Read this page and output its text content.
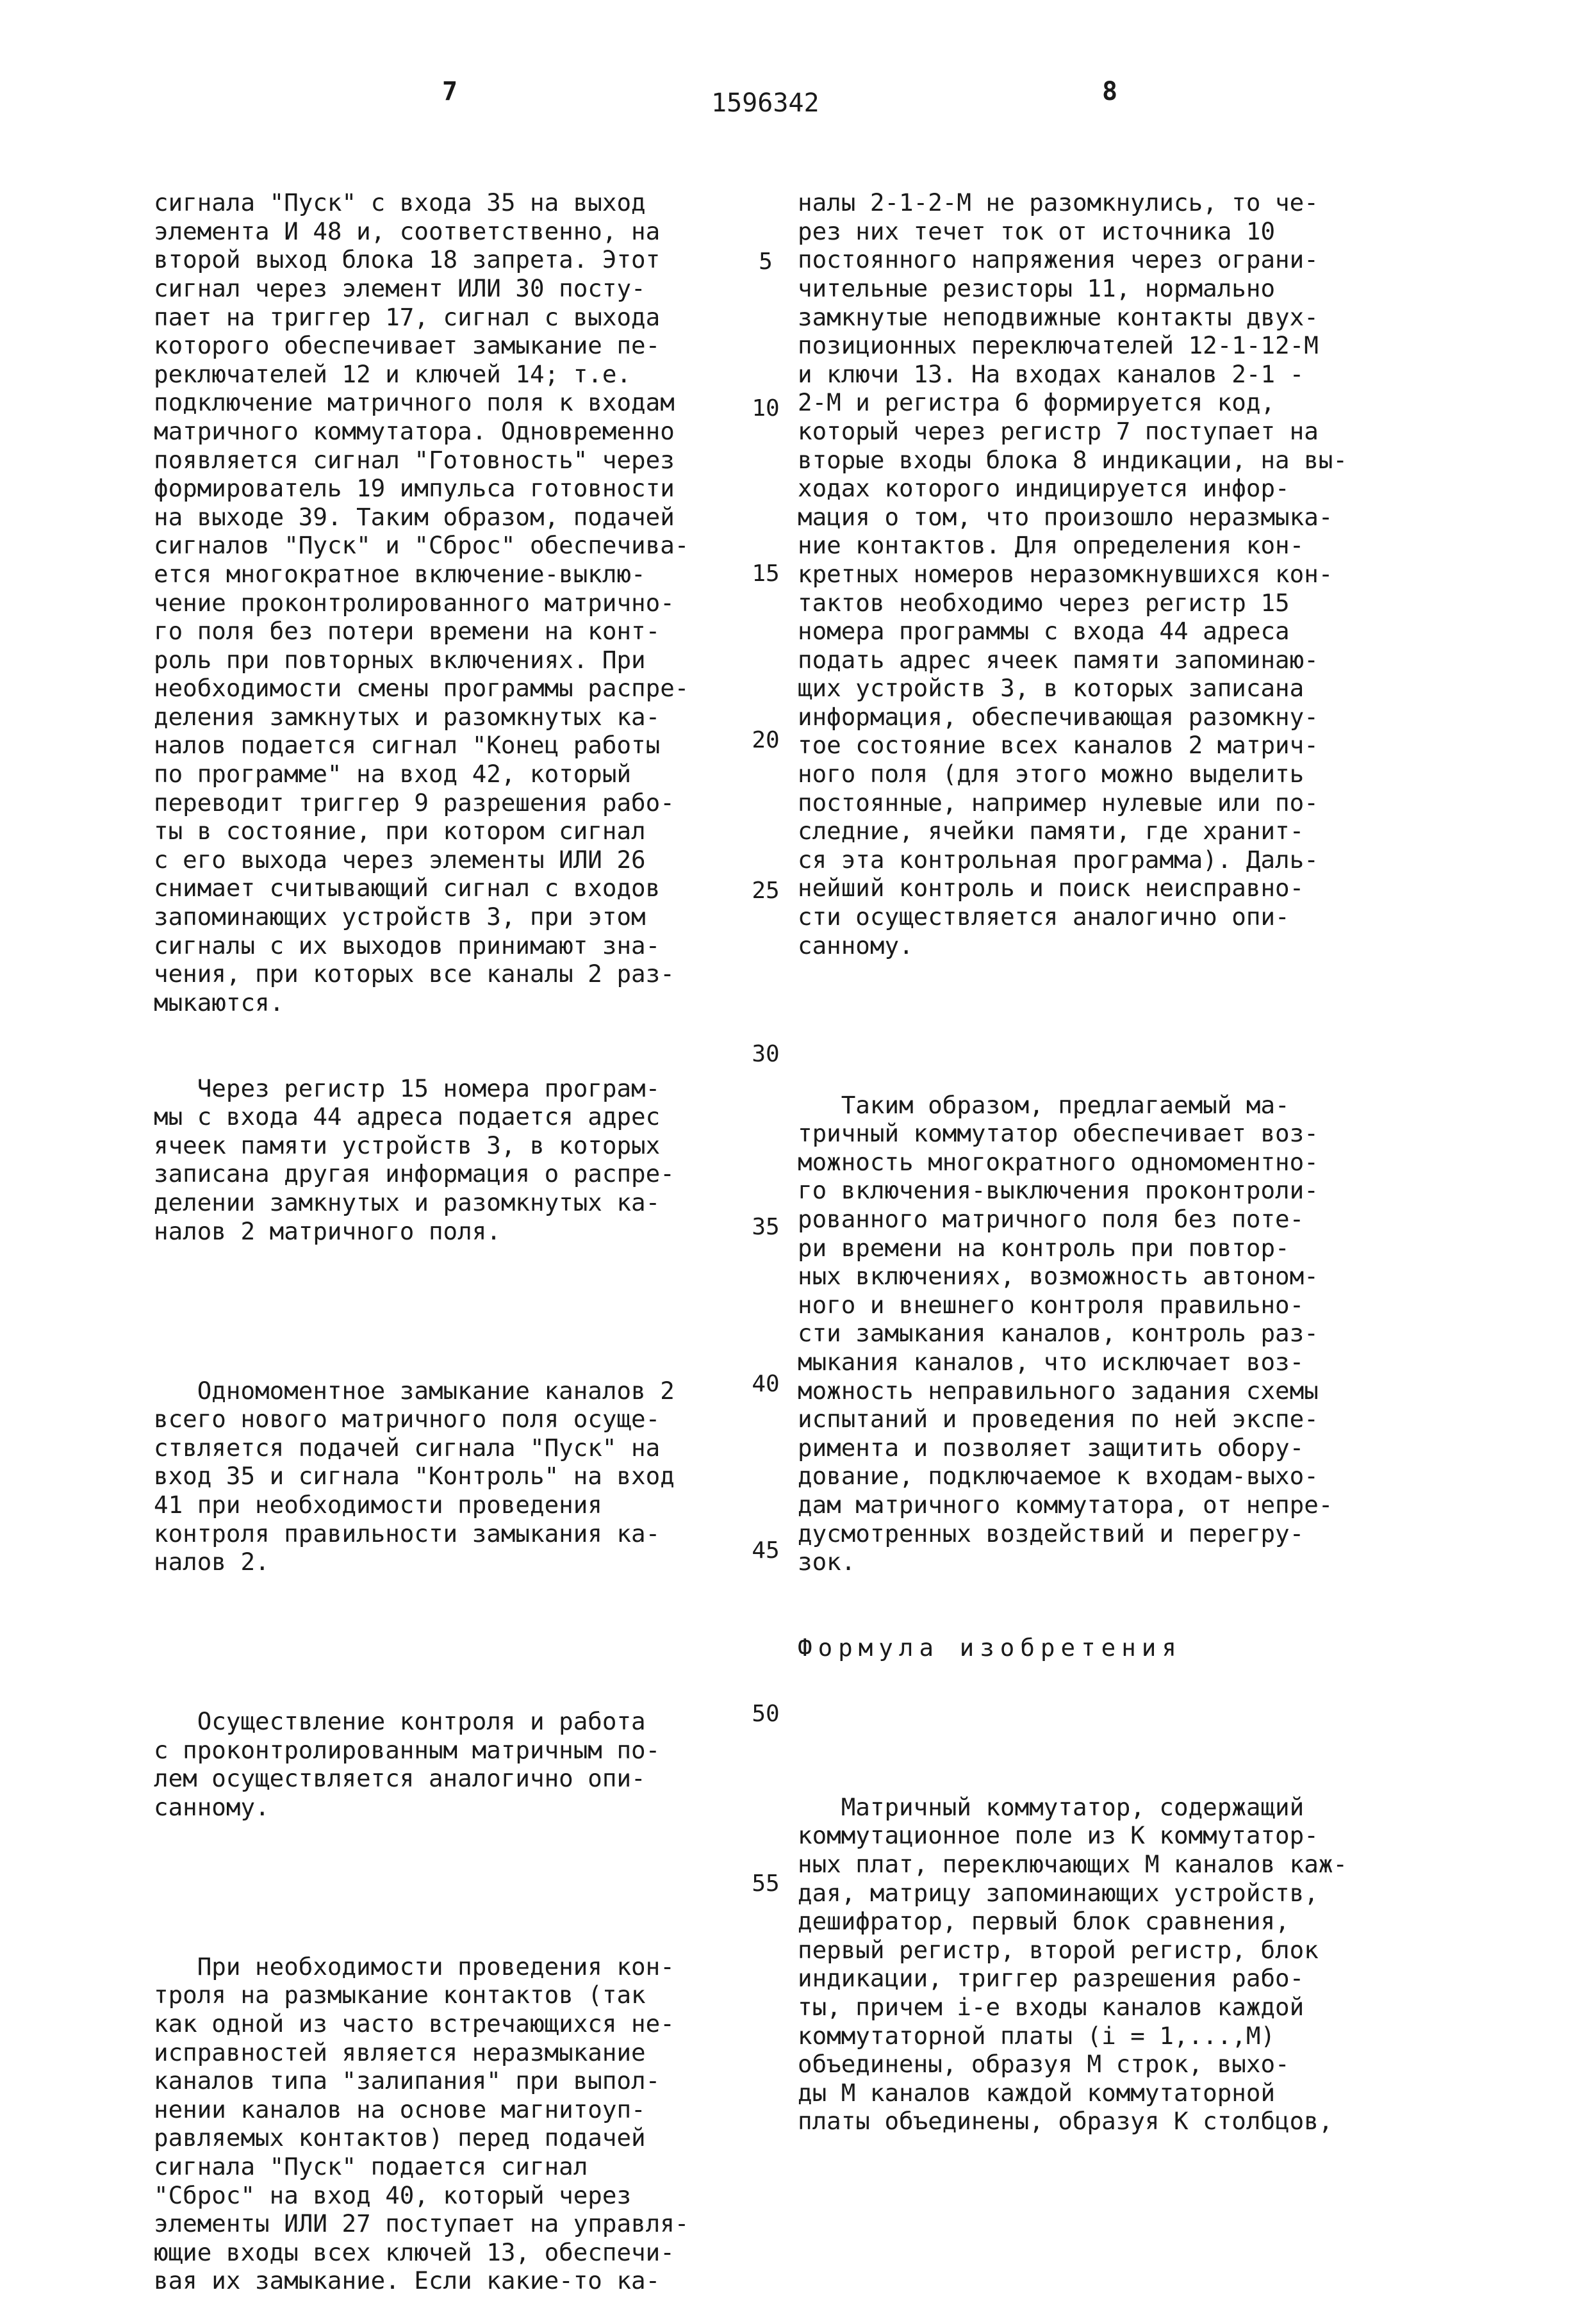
7	1596342	8

сигнала "Пуск" с входа 35 на выход
элемента И 48 и, соответственно, на
второй выход блока 18 запрета. Этот
сигнал через элемент ИЛИ 30 посту-
пает на триггер 17, сигнал с выхода
которого обеспечивает замыкание пе-
реключателей 12 и ключей 14; т.е.
подключение матричного поля к входам
матричного коммутатора. Одновременно
появляется сигнал "Готовность" через
формирователь 19 импульса готовности
на выходе 39. Таким образом, подачей
сигналов "Пуск" и "Сброс" обеспечива-
ется многократное включение-выклю-
чение проконтролированного матрично-
го поля без потери времени на конт-
роль при повторных включениях. При
необходимости смены программы распре-
деления замкнутых и разомкнутых ка-
налов подается сигнал "Конец работы
по программе" на вход 42, который
переводит триггер 9 разрешения рабо-
ты в состояние, при котором сигнал
с его выхода через элементы ИЛИ 26
снимает считывающий сигнал с входов
запоминающих устройств 3, при этом
сигналы с их выходов принимают зна-
чения, при которых все каналы 2 раз-
мыкаются.

Через регистр 15 номера програм-
мы с входа 44 адреса подается адрес
ячеек памяти устройств 3, в которых
записана другая информация о распре-
делении замкнутых и разомкнутых ка-
налов 2 матричного поля.

Одномоментное замыкание каналов 2
всего нового матричного поля осуще-
ствляется подачей сигнала "Пуск" на
вход 35 и сигнала "Контроль" на вход
41 при необходимости проведения
контроля правильности замыкания ка-
налов 2.

Осуществление контроля и работа
с проконтролированным матричным по-
лем осуществляется аналогично опи-
санному.

При необходимости проведения кон-
троля на размыкание контактов (так
как одной из часто встречающихся не-
исправностей является неразмыкание
каналов типа "залипания" при выпол-
нении каналов на основе магнитоуп-
равляемых контактов) перед подачей
сигнала "Пуск" подается сигнал
"Сброс" на вход 40, который через
элементы ИЛИ 27 поступает на управля-
ющие входы всех ключей 13, обеспечи-
вая их замыкание. Если какие-то ка-

5
10
15
20
25
30
35
40
45
50
55

налы 2-1-2-М не разомкнулись, то че-
рез них течет ток от источника 10
постоянного напряжения через ограни-
чительные резисторы 11, нормально
замкнутые неподвижные контакты двух-
позиционных переключателей 12-1-12-М
и ключи 13. На входах каналов 2-1 -
2-М и регистра 6 формируется код,
который через регистр 7 поступает на
вторые входы блока 8 индикации, на вы-
ходах которого индицируется инфор-
мация о том, что произошло неразмыка-
ние контактов. Для определения кон-
кретных номеров неразомкнувшихся кон-
тактов необходимо через регистр 15
номера программы с входа 44 адреса
подать адрес ячеек памяти запоминаю-
щих устройств 3, в которых записана
информация, обеспечивающая разомкну-
тое состояние всех каналов 2 матрич-
ного поля (для этого можно выделить
постоянные, например нулевые или по-
следние, ячейки памяти, где хранит-
ся эта контрольная программа). Даль-
нейший контроль и поиск неисправно-
сти осуществляется аналогично опи-
санному.

Таким образом, предлагаемый ма-
тричный коммутатор обеспечивает воз-
можность многократного одномоментно-
го включения-выключения проконтроли-
рованного матричного поля без поте-
ри времени на контроль при повтор-
ных включениях, возможность автоном-
ного и внешнего контроля правильно-
сти замыкания каналов, контроль раз-
мыкания каналов, что исключает воз-
можность неправильного задания схемы
испытаний и проведения по ней экспе-
римента и позволяет защитить обору-
дование, подключаемое к входам-выхо-
дам матричного коммутатора, от непре-
дусмотренных воздействий и перегру-
зок.

Формула изобретения

Матричный коммутатор, содержащий
коммутационное поле из К коммутатор-
ных плат, переключающих М каналов каж-
дая, матрицу запоминающих устройств,
дешифратор, первый блок сравнения,
первый регистр, второй регистр, блок
индикации, триггер разрешения рабо-
ты, причем i-е входы каналов каждой
коммутаторной платы (i = 1,...,М)
объединены, образуя М строк, выхо-
ды М каналов каждой коммутаторной
платы объединены, образуя К столбцов,
